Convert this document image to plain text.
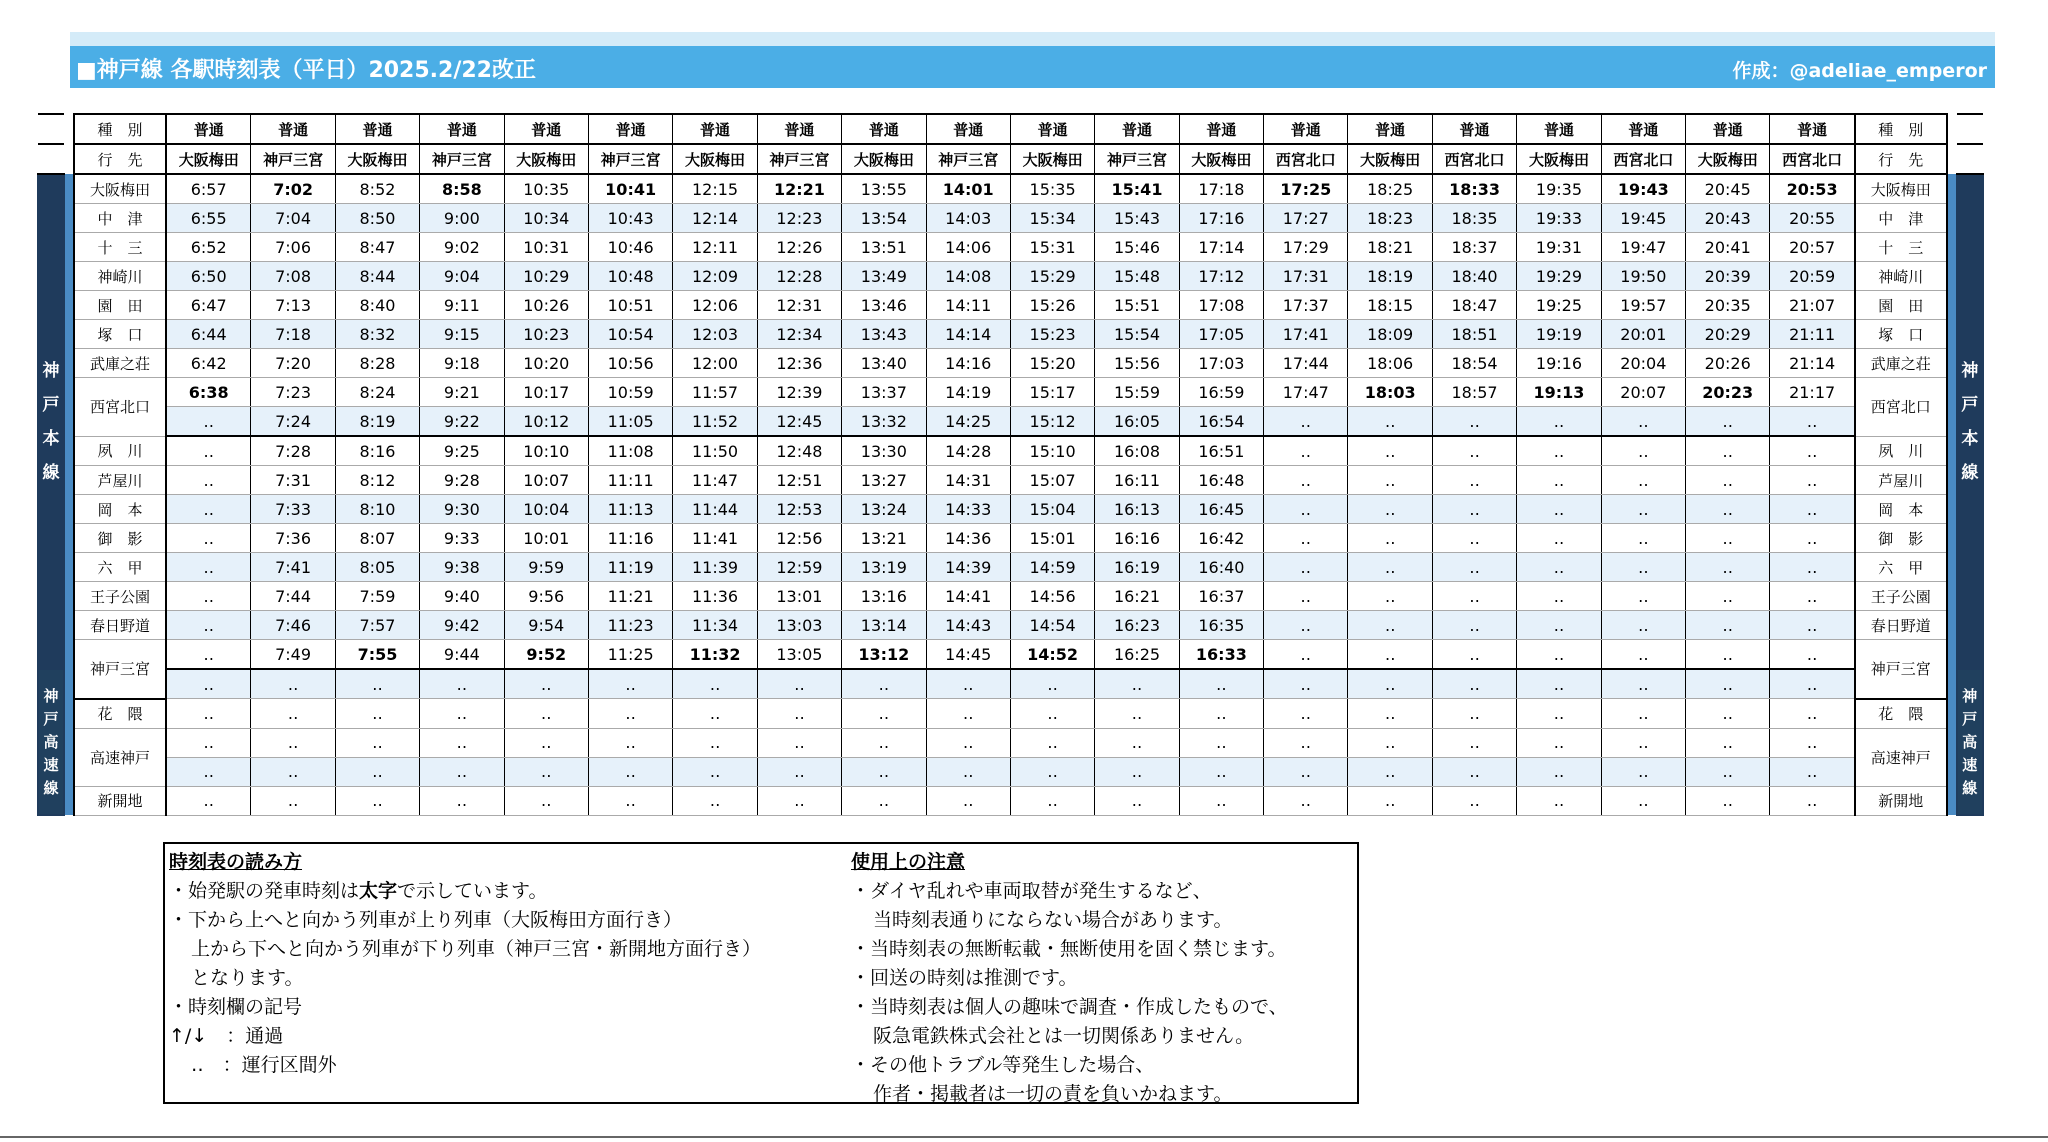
■神戸線 各駅時刻表（平日）2025.2/22改正	作成：@adeliae_emperor
		種　別	普通	普通	普通	普通	普通	普通	普通	普通	普通	普通	普通	普通	普通	普通	普通	普通	普通	普通	普通	普通	種　別		
		行　先	大阪梅田	神戸三宮	大阪梅田	神戸三宮	大阪梅田	神戸三宮	大阪梅田	神戸三宮	大阪梅田	神戸三宮	大阪梅田	神戸三宮	大阪梅田	西宮北口	大阪梅田	西宮北口	大阪梅田	西宮北口	大阪梅田	西宮北口	行　先		
神
戸
本
線		大阪梅田	6:57	7:02	8:52	8:58	10:35	10:41	12:15	12:21	13:55	14:01	15:35	15:41	17:18	17:25	18:25	18:33	19:35	19:43	20:45	20:53	大阪梅田		神
戸
本
線
		中　津	6:55	7:04	8:50	9:00	10:34	10:43	12:14	12:23	13:54	14:03	15:34	15:43	17:16	17:27	18:23	18:35	19:33	19:45	20:43	20:55	中　津		
		十　三	6:52	7:06	8:47	9:02	10:31	10:46	12:11	12:26	13:51	14:06	15:31	15:46	17:14	17:29	18:21	18:37	19:31	19:47	20:41	20:57	十　三		
		神崎川	6:50	7:08	8:44	9:04	10:29	10:48	12:09	12:28	13:49	14:08	15:29	15:48	17:12	17:31	18:19	18:40	19:29	19:50	20:39	20:59	神崎川		
		園　田	6:47	7:13	8:40	9:11	10:26	10:51	12:06	12:31	13:46	14:11	15:26	15:51	17:08	17:37	18:15	18:47	19:25	19:57	20:35	21:07	園　田		
		塚　口	6:44	7:18	8:32	9:15	10:23	10:54	12:03	12:34	13:43	14:14	15:23	15:54	17:05	17:41	18:09	18:51	19:19	20:01	20:29	21:11	塚　口		
		武庫之荘	6:42	7:20	8:28	9:18	10:20	10:56	12:00	12:36	13:40	14:16	15:20	15:56	17:03	17:44	18:06	18:54	19:16	20:04	20:26	21:14	武庫之荘		
		西宮北口	6:38	7:23	8:24	9:21	10:17	10:59	11:57	12:39	13:37	14:19	15:17	15:59	16:59	17:47	18:03	18:57	19:13	20:07	20:23	21:17	西宮北口		
			‥	7:24	8:19	9:22	10:12	11:05	11:52	12:45	13:32	14:25	15:12	16:05	16:54	‥	‥	‥	‥	‥	‥	‥			
		夙　川	‥	7:28	8:16	9:25	10:10	11:08	11:50	12:48	13:30	14:28	15:10	16:08	16:51	‥	‥	‥	‥	‥	‥	‥	夙　川		
		芦屋川	‥	7:31	8:12	9:28	10:07	11:11	11:47	12:51	13:27	14:31	15:07	16:11	16:48	‥	‥	‥	‥	‥	‥	‥	芦屋川		
		岡　本	‥	7:33	8:10	9:30	10:04	11:13	11:44	12:53	13:24	14:33	15:04	16:13	16:45	‥	‥	‥	‥	‥	‥	‥	岡　本		
		御　影	‥	7:36	8:07	9:33	10:01	11:16	11:41	12:56	13:21	14:36	15:01	16:16	16:42	‥	‥	‥	‥	‥	‥	‥	御　影		
		六　甲	‥	7:41	8:05	9:38	9:59	11:19	11:39	12:59	13:19	14:39	14:59	16:19	16:40	‥	‥	‥	‥	‥	‥	‥	六　甲		
		王子公園	‥	7:44	7:59	9:40	9:56	11:21	11:36	13:01	13:16	14:41	14:56	16:21	16:37	‥	‥	‥	‥	‥	‥	‥	王子公園		
		春日野道	‥	7:46	7:57	9:42	9:54	11:23	11:34	13:03	13:14	14:43	14:54	16:23	16:35	‥	‥	‥	‥	‥	‥	‥	春日野道		
		神戸三宮	‥	7:49	7:55	9:44	9:52	11:25	11:32	13:05	13:12	14:45	14:52	16:25	16:33	‥	‥	‥	‥	‥	‥	‥	神戸三宮		
神
戸
高
速
線			‥	‥	‥	‥	‥	‥	‥	‥	‥	‥	‥	‥	‥	‥	‥	‥	‥	‥	‥	‥			神
戸
高
速
線
		花　隈	‥	‥	‥	‥	‥	‥	‥	‥	‥	‥	‥	‥	‥	‥	‥	‥	‥	‥	‥	‥	花　隈		
		高速神戸	‥	‥	‥	‥	‥	‥	‥	‥	‥	‥	‥	‥	‥	‥	‥	‥	‥	‥	‥	‥	高速神戸		
			‥	‥	‥	‥	‥	‥	‥	‥	‥	‥	‥	‥	‥	‥	‥	‥	‥	‥	‥	‥			
		新開地	‥	‥	‥	‥	‥	‥	‥	‥	‥	‥	‥	‥	‥	‥	‥	‥	‥	‥	‥	‥	新開地		
時刻表の読み方
・始発駅の発車時刻は太字で示しています。
・下から上へと向かう列車が上り列車（大阪梅田方面行き）
上から下へと向かう列車が下り列車（神戸三宮・新開地方面行き）
となります。
・時刻欄の記号
↑/↓　：通過
‥　：運行区間外
使用上の注意
・ダイヤ乱れや車両取替が発生するなど、
当時刻表通りにならない場合があります。
・当時刻表の無断転載・無断使用を固く禁じます。
・回送の時刻は推測です。
・当時刻表は個人の趣味で調査・作成したもので、
阪急電鉄株式会社とは一切関係ありません。
・その他トラブル等発生した場合、
作者・掲載者は一切の責を負いかねます。
